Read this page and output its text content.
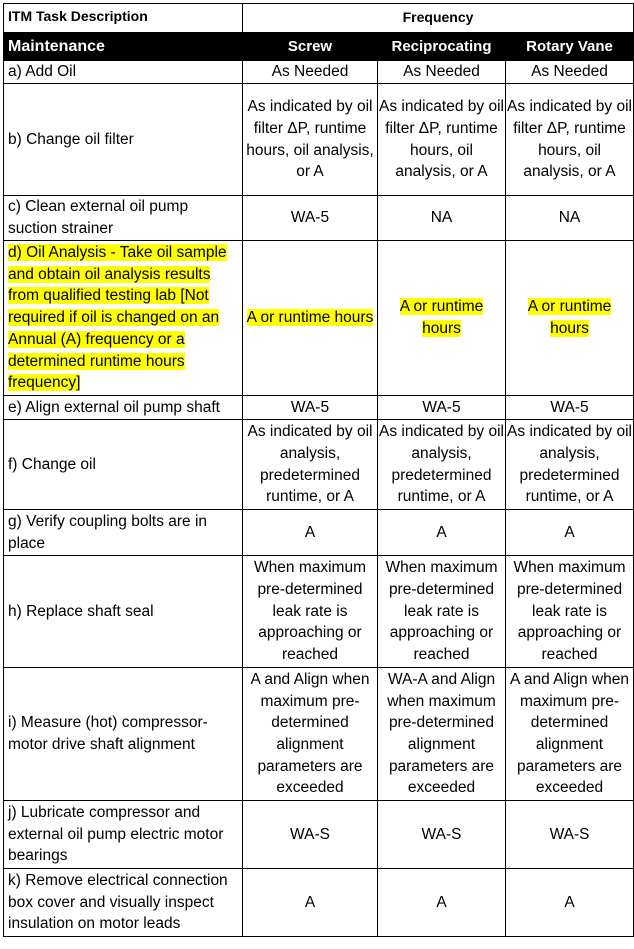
ITM Task Description	Frequency		
Maintenance	Screw	Reciprocating	Rotary Vane
a) Add Oil	As Needed	As Needed	As Needed
b) Change oil filter	As indicated by oil filter ΔP, runtime hours, oil analysis, or A	As indicated by oil filter ΔP, runtime hours, oil analysis, or A	As indicated by oil filter ΔP, runtime hours, oil analysis, or A
c) Clean external oil pump suction strainer	WA-5	NA	NA
d) Oil Analysis - Take oil sample and obtain oil analysis results from qualified testing lab [Not required if oil is changed on an Annual (A) frequency or a determined runtime hours frequency]	A or runtime hours	A or runtime hours	A or runtime hours
e) Align external oil pump shaft	WA-5	WA-5	WA-5
f) Change oil	As indicated by oil analysis, predetermined runtime, or A	As indicated by oil analysis, predetermined runtime, or A	As indicated by oil analysis, predetermined runtime, or A
g) Verify coupling bolts are in place	A	A	A
h) Replace shaft seal	When maximum pre-determined leak rate is approaching or reached	When maximum pre-determined leak rate is approaching or reached	When maximum pre-determined leak rate is approaching or reached
i) Measure (hot) compressor-motor drive shaft alignment	A and Align when maximum pre-determined alignment parameters are exceeded	WA-A and Align when maximum pre-determined alignment parameters are exceeded	A and Align when maximum pre-determined alignment parameters are exceeded
j) Lubricate compressor and external oil pump electric motor bearings	WA-S	WA-S	WA-S
k) Remove electrical connection box cover and visually inspect insulation on motor leads	A	A	A
